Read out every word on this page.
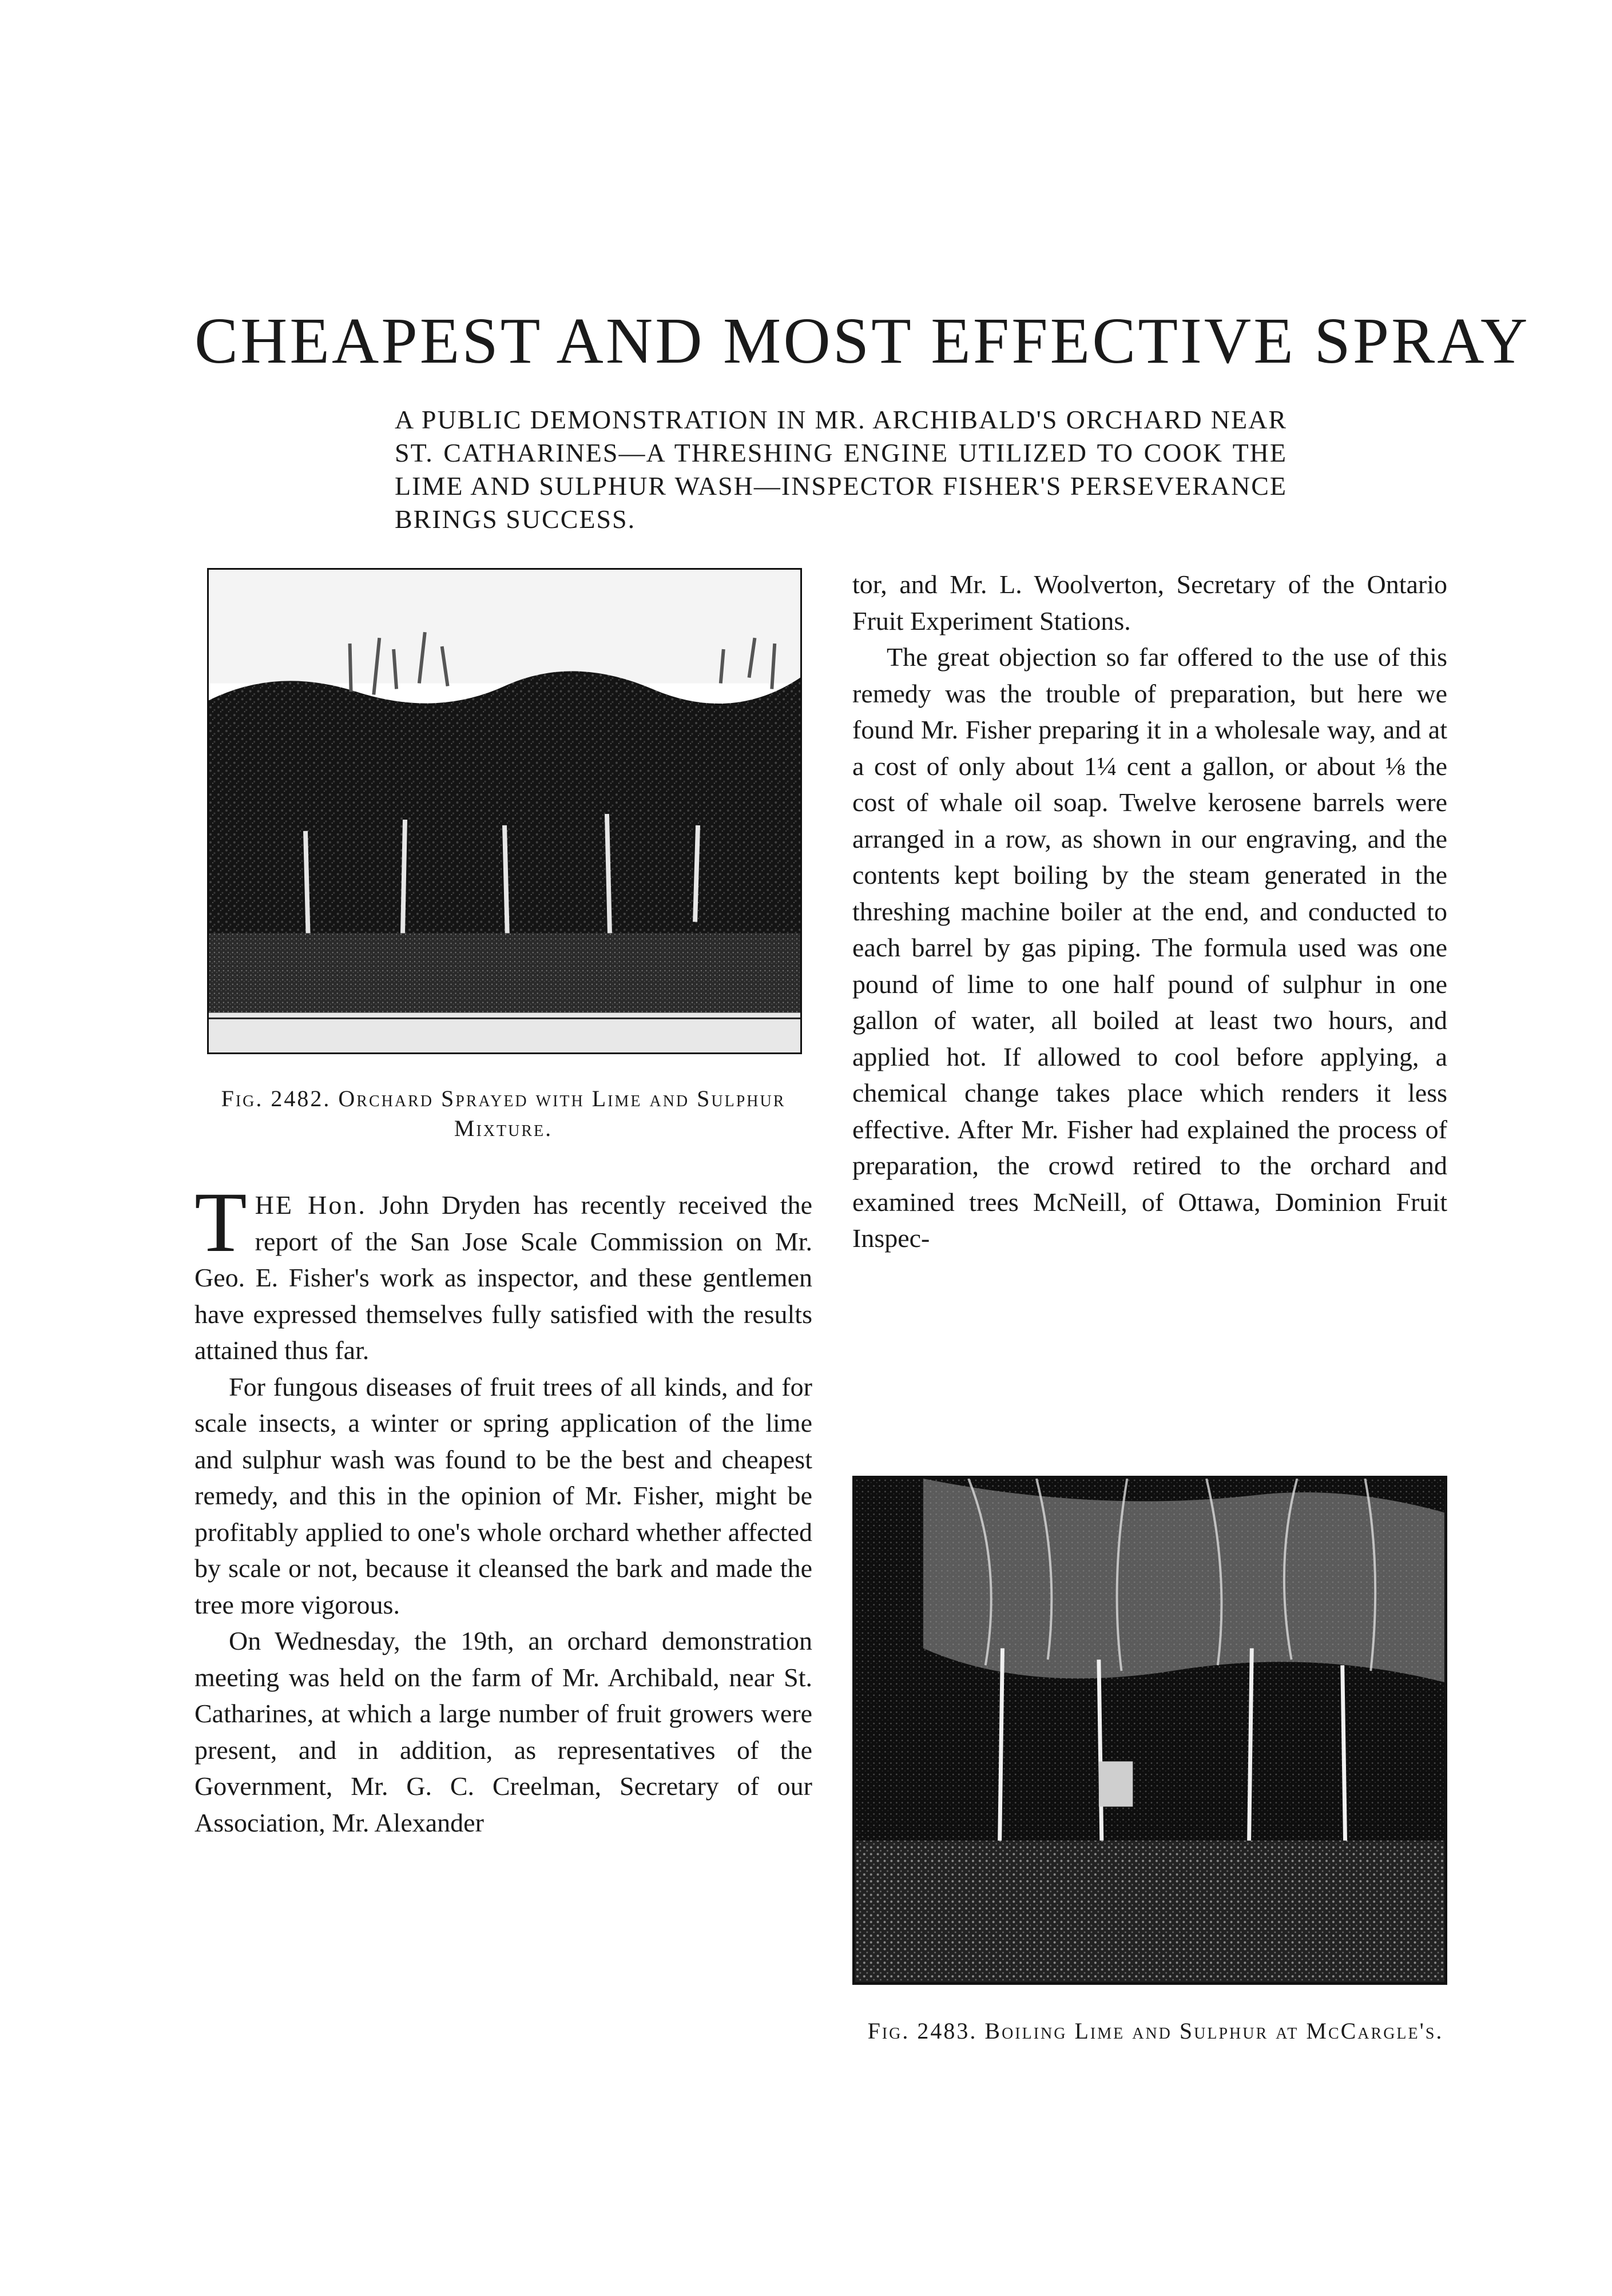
CHEAPEST AND MOST EFFECTIVE SPRAY

A PUBLIC DEMONSTRATION IN MR. ARCHIBALD'S ORCHARD NEAR ST. CATHARINES—A THRESHING ENGINE UTILIZED TO COOK THE LIME AND SULPHUR WASH—INSPECTOR FISHER'S PERSEVERANCE BRINGS SUCCESS.

Fig. 2482. Orchard Sprayed with Lime and Sulphur Mixture.

THE Hon. John Dryden has recently received the report of the San Jose Scale Commission on Mr. Geo. E. Fisher's work as inspector, and these gentlemen have expressed themselves fully satisfied with the results attained thus far.

For fungous diseases of fruit trees of all kinds, and for scale insects, a winter or spring application of the lime and sulphur wash was found to be the best and cheapest remedy, and this in the opinion of Mr. Fisher, might be profitably applied to one's whole orchard whether affected by scale or not, because it cleansed the bark and made the tree more vigorous.

On Wednesday, the 19th, an orchard demonstration meeting was held on the farm of Mr. Archibald, near St. Catharines, at which a large number of fruit growers were present, and in addition, as representatives of the Government, Mr. G. C. Creelman, Secretary of our Association, Mr. Alexander

tor, and Mr. L. Woolverton, Secretary of the Ontario Fruit Experiment Stations.

The great objection so far offered to the use of this remedy was the trouble of preparation, but here we found Mr. Fisher preparing it in a wholesale way, and at a cost of only about 1¼ cent a gallon, or about ⅛ the cost of whale oil soap. Twelve kerosene barrels were arranged in a row, as shown in our engraving, and the contents kept boiling by the steam generated in the threshing machine boiler at the end, and conducted to each barrel by gas piping. The formula used was one pound of lime to one half pound of sulphur in one gallon of water, all boiled at least two hours, and applied hot. If allowed to cool before applying, a chemical change takes place which renders it less effective. After Mr. Fisher had explained the process of preparation, the crowd retired to the orchard and examined trees McNeill, of Ottawa, Dominion Fruit Inspec-

Fig. 2483. Boiling Lime and Sulphur at McCargle's.
